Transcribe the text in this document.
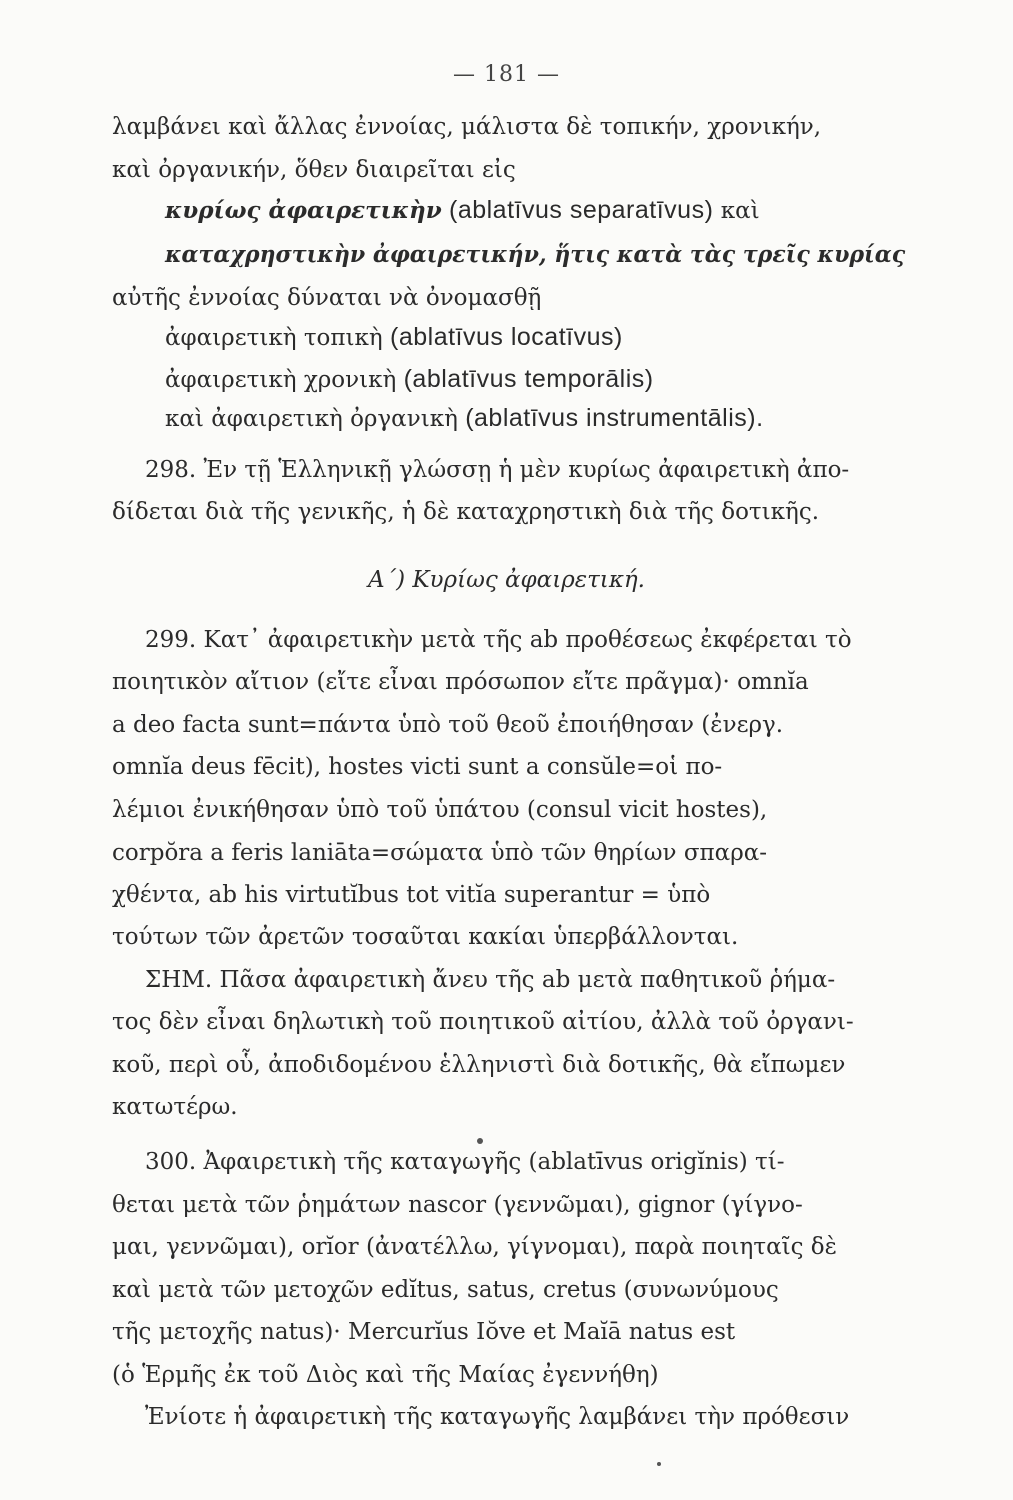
— 181 —
λαμβάνει καὶ ἄλλας ἐννοίας, μάλιστα δὲ τοπικήν, χρονικήν,
καὶ ὀργανικήν, ὅθεν διαιρεῖται εἰς
κυρίως ἀφαιρετικὴν (ablatīvus separatīvus) καὶ
καταχρηστικὴν ἀφαιρετικήν, ἥτις κατὰ τὰς τρεῖς κυρίας
αὐτῆς ἐννοίας δύναται νὰ ὀνομασθῇ
ἀφαιρετικὴ τοπικὴ (ablatīvus locatīvus)
ἀφαιρετικὴ χρονικὴ (ablatīvus temporālis)
καὶ ἀφαιρετικὴ ὀργανικὴ (ablatīvus instrumentālis).
298. Ἐν τῇ Ἑλληνικῇ γλώσσῃ ἡ μὲν κυρίως ἀφαιρετικὴ ἀπο-
δίδεται διὰ τῆς γενικῆς, ἡ δὲ καταχρηστικὴ διὰ τῆς δοτικῆς.
Α΄) Κυρίως ἀφαιρετική.
299. Κατ᾽ ἀφαιρετικὴν μετὰ τῆς ab προθέσεως ἐκφέρεται τὸ
ποιητικὸν αἴτιον (εἴτε εἶναι πρόσωπον εἴτε πρᾶγμα)· omnĭa
a deo facta sunt=πάντα ὑπὸ τοῦ θεοῦ ἐποιήθησαν (ἐνεργ.
omnĭa deus fēcit), hostes victi sunt a consŭle=οἱ πο-
λέμιοι ἐνικήθησαν ὑπὸ τοῦ ὑπάτου (consul vicit hostes),
corpŏra a feris laniāta=σώματα ὑπὸ τῶν θηρίων σπαρα-
χθέντα, ab his virtutĭbus tot vitĭa superantur = ὑπὸ
τούτων τῶν ἀρετῶν τοσαῦται κακίαι ὑπερβάλλονται.
ΣΗΜ. Πᾶσα ἀφαιρετικὴ ἄνευ τῆς ab μετὰ παθητικοῦ ῥήμα-
τος δὲν εἶναι δηλωτικὴ τοῦ ποιητικοῦ αἰτίου, ἀλλὰ τοῦ ὀργανι-
κοῦ, περὶ οὗ, ἀποδιδομένου ἑλληνιστὶ διὰ δοτικῆς, θὰ εἴπωμεν
κατωτέρω.
300. Ἀφαιρετικὴ τῆς καταγωγῆς (ablatīvus origĭnis) τί-
θεται μετὰ τῶν ῥημάτων nascor (γεννῶμαι), gignor (γίγνο-
μαι, γεννῶμαι), orĭor (ἀνατέλλω, γίγνομαι), παρὰ ποιηταῖς δὲ
καὶ μετὰ τῶν μετοχῶν edĭtus, satus, cretus (συνωνύμους
τῆς μετοχῆς natus)· Mercurĭus Iŏve et Maĭā natus est
(ὁ Ἑρμῆς ἐκ τοῦ Διὸς καὶ τῆς Μαίας ἐγεννήθη)
Ἐνίοτε ἡ ἀφαιρετικὴ τῆς καταγωγῆς λαμβάνει τὴν πρόθεσιν
